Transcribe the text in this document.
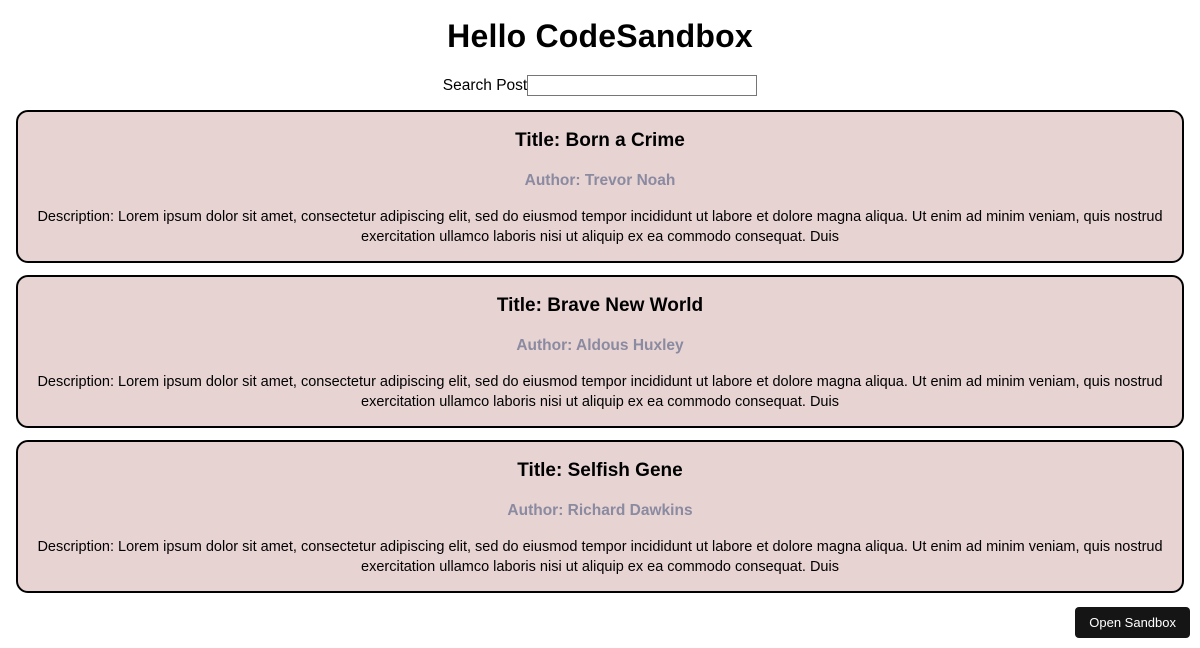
Hello CodeSandbox
Search Post
Title: Born a Crime
Author: Trevor Noah
Description: Lorem ipsum dolor sit amet, consectetur adipiscing elit, sed do eiusmod tempor incididunt ut labore et dolore magna aliqua. Ut enim ad minim veniam, quis nostrud exercitation ullamco laboris nisi ut aliquip ex ea commodo consequat. Duis
Title: Brave New World
Author: Aldous Huxley
Description: Lorem ipsum dolor sit amet, consectetur adipiscing elit, sed do eiusmod tempor incididunt ut labore et dolore magna aliqua. Ut enim ad minim veniam, quis nostrud exercitation ullamco laboris nisi ut aliquip ex ea commodo consequat. Duis
Title: Selfish Gene
Author: Richard Dawkins
Description: Lorem ipsum dolor sit amet, consectetur adipiscing elit, sed do eiusmod tempor incididunt ut labore et dolore magna aliqua. Ut enim ad minim veniam, quis nostrud exercitation ullamco laboris nisi ut aliquip ex ea commodo consequat. Duis
Open Sandbox
